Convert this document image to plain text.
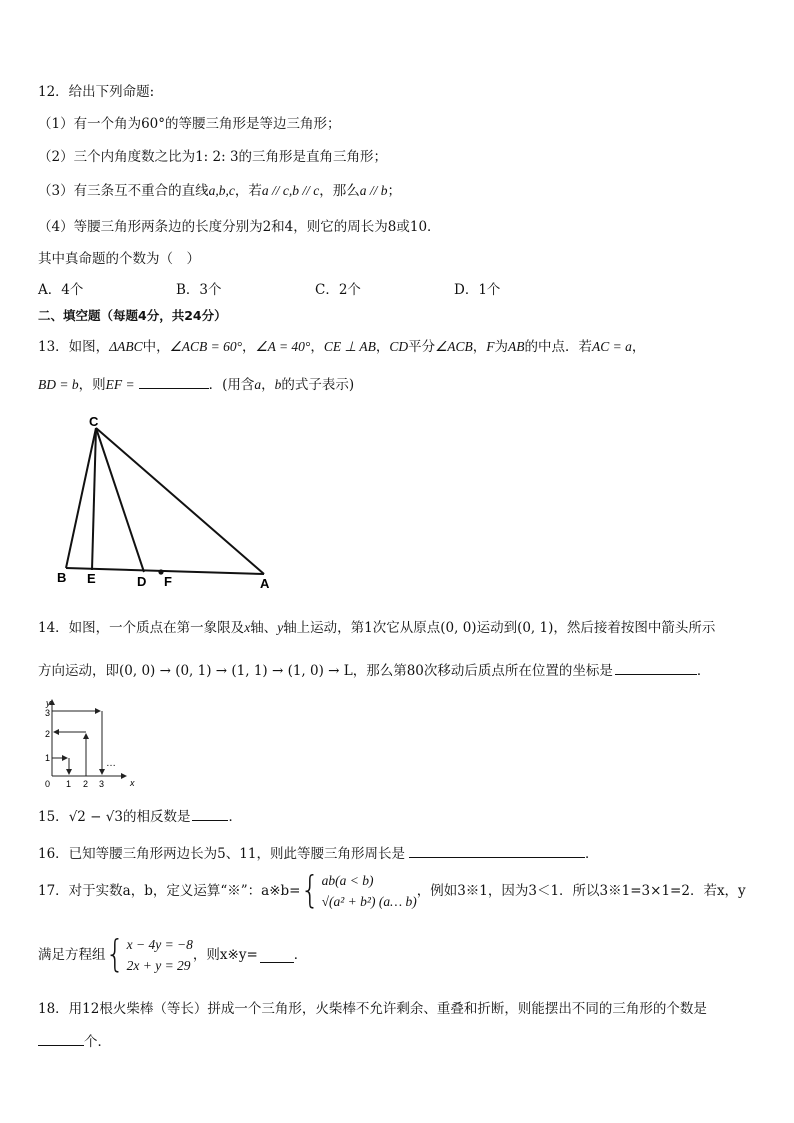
12．给出下列命题:
（1）有一个角为60°的等腰三角形是等边三角形；
（2）三个内角度数之比为1: 2: 3的三角形是直角三角形；
（3）有三条互不重合的直线a,b,c，若a // c,b // c，那么a // b；
（4）等腰三角形两条边的长度分别为2和4，则它的周长为8或10．
其中真命题的个数为（　）
A．4个	B．3个	C．2个	D．1个
二、填空题（每题4分，共24分）
13．如图，ΔABC中，∠ACB = 60°，∠A = 40°，CE ⊥ AB，CD平分∠ACB，F为AB的中点．若AC = a，
BD = b，则EF =	．(用含a，b的式子表示)
C
B E	D F	A
14．如图，一个质点在第一象限及x轴、y轴上运动，第1次它从原点(0, 0)运动到(0, 1)，然后接着按图中箭头所示
方向运动，即(0, 0) → (0, 1) → (1, 1) → (1, 0) → L，那么第80次移动后质点所在位置的坐标是	．
y
x
1
2
3
0 1 2 3
…
15．√2 − √3的相反数是	．
16．已知等腰三角形两边长为5、11，则此等腰三角形周长是	．
17．对于实数a，b，定义运算“※”：a※b={ ab(a < b)
√(a² + b²) (a… b)
，例如3※1，因为3＜1．所以3※1=3×1=2．若x，y
满足方程组{ x − 4y = −8
2x + y = 29
，则x※y=	．
18．用12根火柴棒（等长）拼成一个三角形，火柴棒不允许剩余、重叠和折断，则能摆出不同的三角形的个数是
个．
